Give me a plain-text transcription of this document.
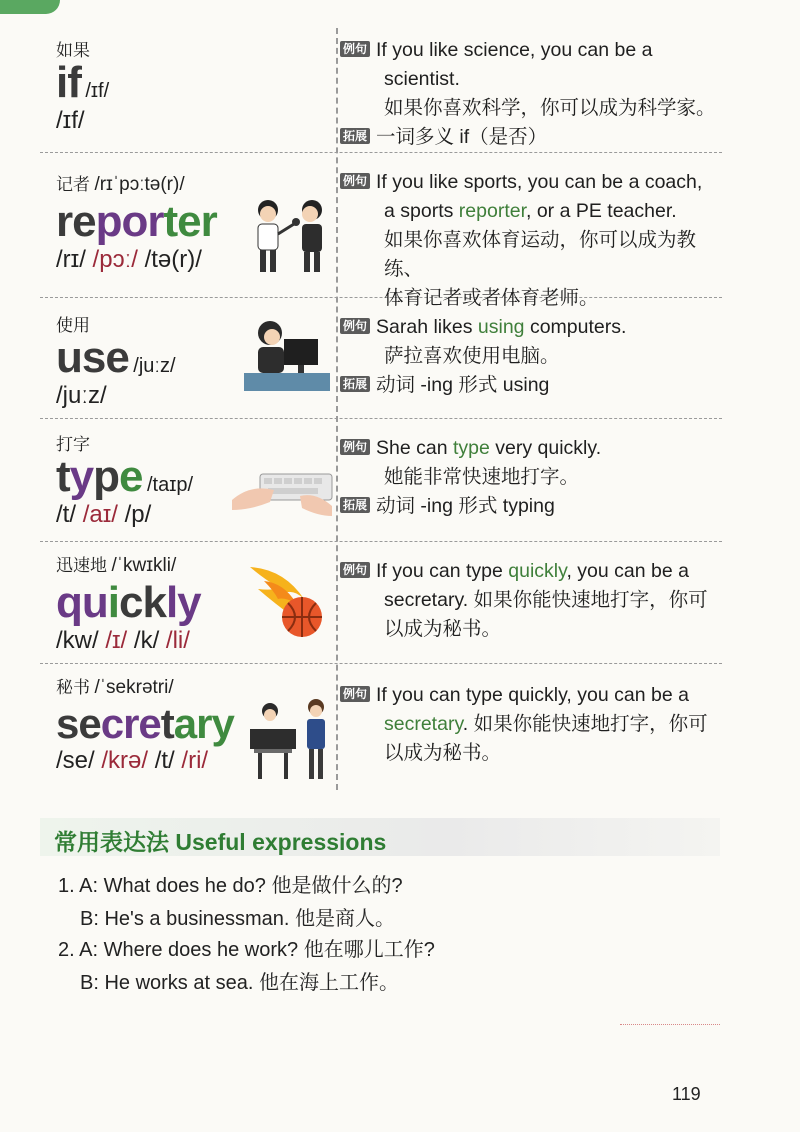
如果
if /ɪf/
/ɪf/
例句 If you like science, you can be a
scientist.
如果你喜欢科学，你可以成为科学家。
拓展 一词多义 if（是否）
记者 /rɪˈpɔːtə(r)/
reporter
/rɪ/ /pɔː/ /tə(r)/
例句 If you like sports, you can be a coach,
a sports reporter, or a PE teacher.
如果你喜欢体育运动，你可以成为教练、
体育记者或者体育老师。
使用
use /juːz/
/juːz/
例句 Sarah likes using computers.
萨拉喜欢使用电脑。
拓展 动词 -ing 形式 using
打字
type /taɪp/
/t/ /aɪ/ /p/
例句 She can type very quickly.
她能非常快速地打字。
拓展 动词 -ing 形式 typing
迅速地 /ˈkwɪkli/
quickly
/kw/ /ɪ/ /k/ /li/
例句 If you can type quickly, you can be a
secretary. 如果你能快速地打字，你可
以成为秘书。
秘书 /ˈsekrətri/
secretary
/se/ /krə/ /t/ /ri/
例句 If you can type quickly, you can be a
secretary. 如果你能快速地打字，你可
以成为秘书。
常用表达法 Useful expressions
1. A: What does he do? 他是做什么的?
B: He's a businessman. 他是商人。
2. A: Where does he work? 他在哪儿工作?
B: He works at sea. 他在海上工作。
119
